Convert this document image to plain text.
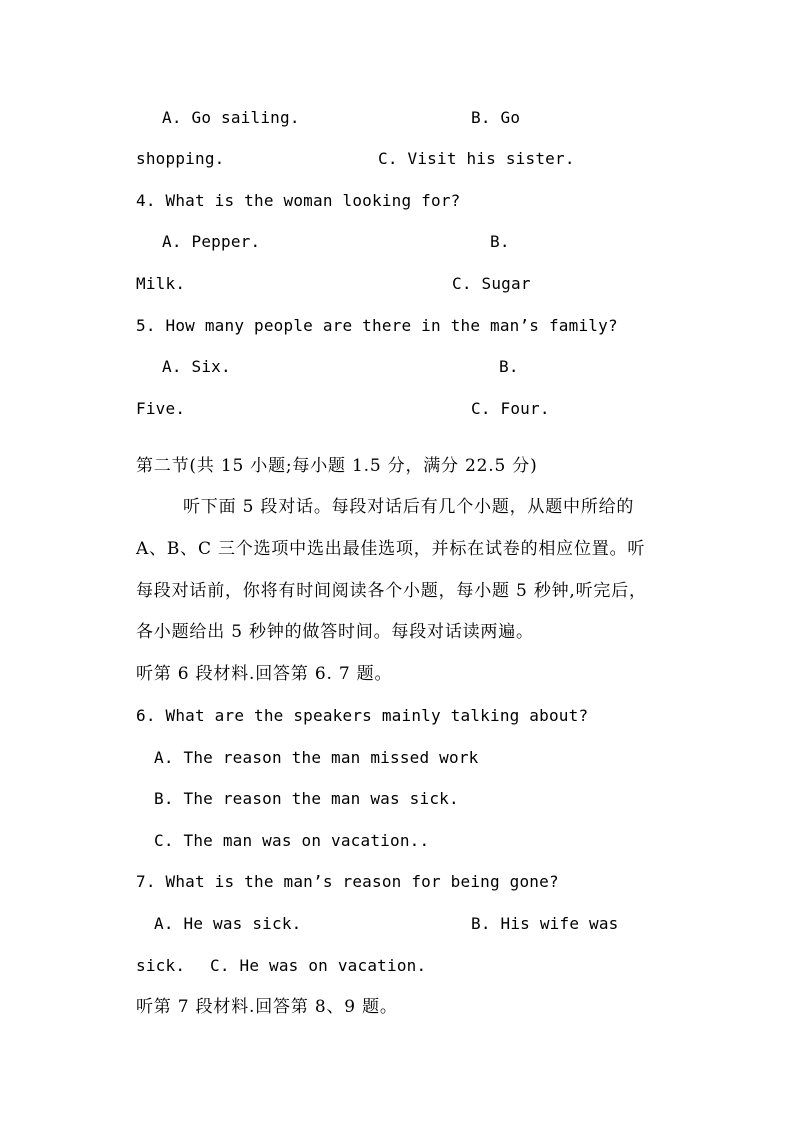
A. Go sailing.	B. Go
shopping.	C. Visit his sister.
4. What is the woman looking for?
A. Pepper.	B.
Milk.	C. Sugar
5. How many people are there in the man’s family?
A. Six.	B.
Five.	C. Four.
第二节(共 15 小题;每小题 1.5 分，满分 22.5 分)
听下面 5 段对话。每段对话后有几个小题，从题中所给的
A、B、C 三个选项中选出最佳选项，并标在试卷的相应位置。听
每段对话前，你将有时间阅读各个小题，每小题 5 秒钟,听完后，
各小题给出 5 秒钟的做答时间。每段对话读两遍。
听第 6 段材料.回答第 6. 7 题。
6. What are the speakers mainly talking about?
A. The reason the man missed work
B. The reason the man was sick.
C. The man was on vacation..
7. What is the man’s reason for being gone?
A. He was sick.	B. His wife was
sick. C. He was on vacation.
听第 7 段材料.回答第 8、9 题。
